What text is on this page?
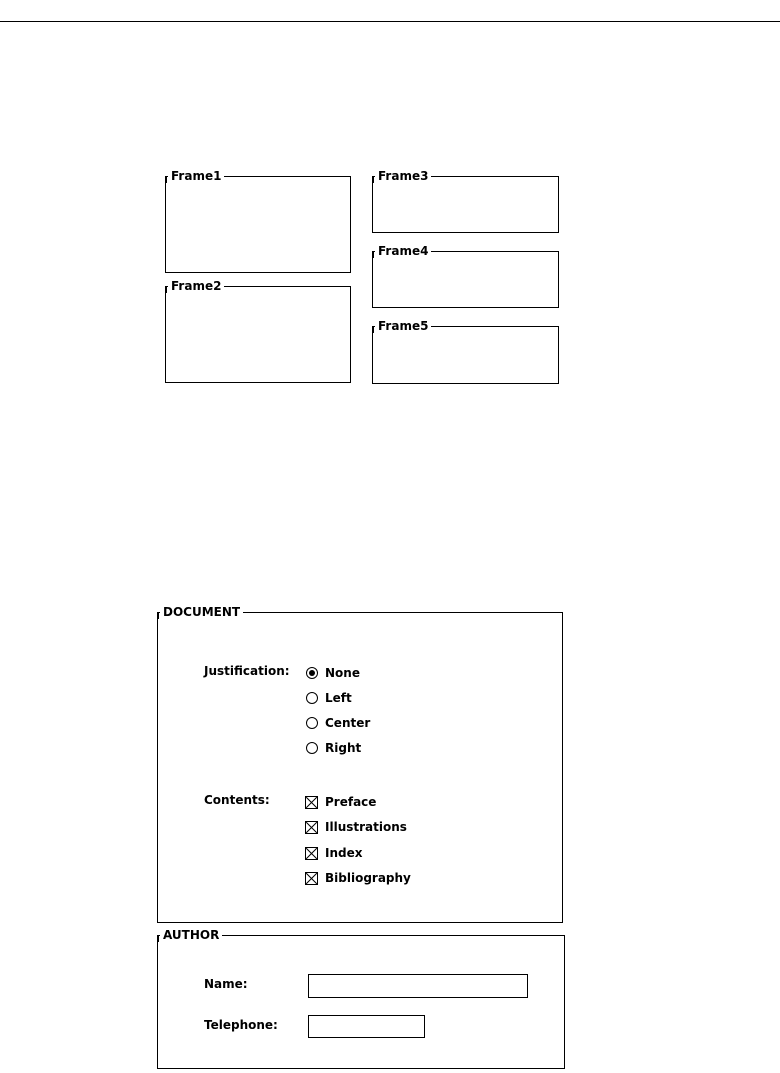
Frame1
Frame2
Frame3
Frame4
Frame5
DOCUMENT
Justification:	None
Left
Center
Right
Contents:	Preface
Illustrations
Index
Bibliography
AUTHOR
Name:
Telephone:
